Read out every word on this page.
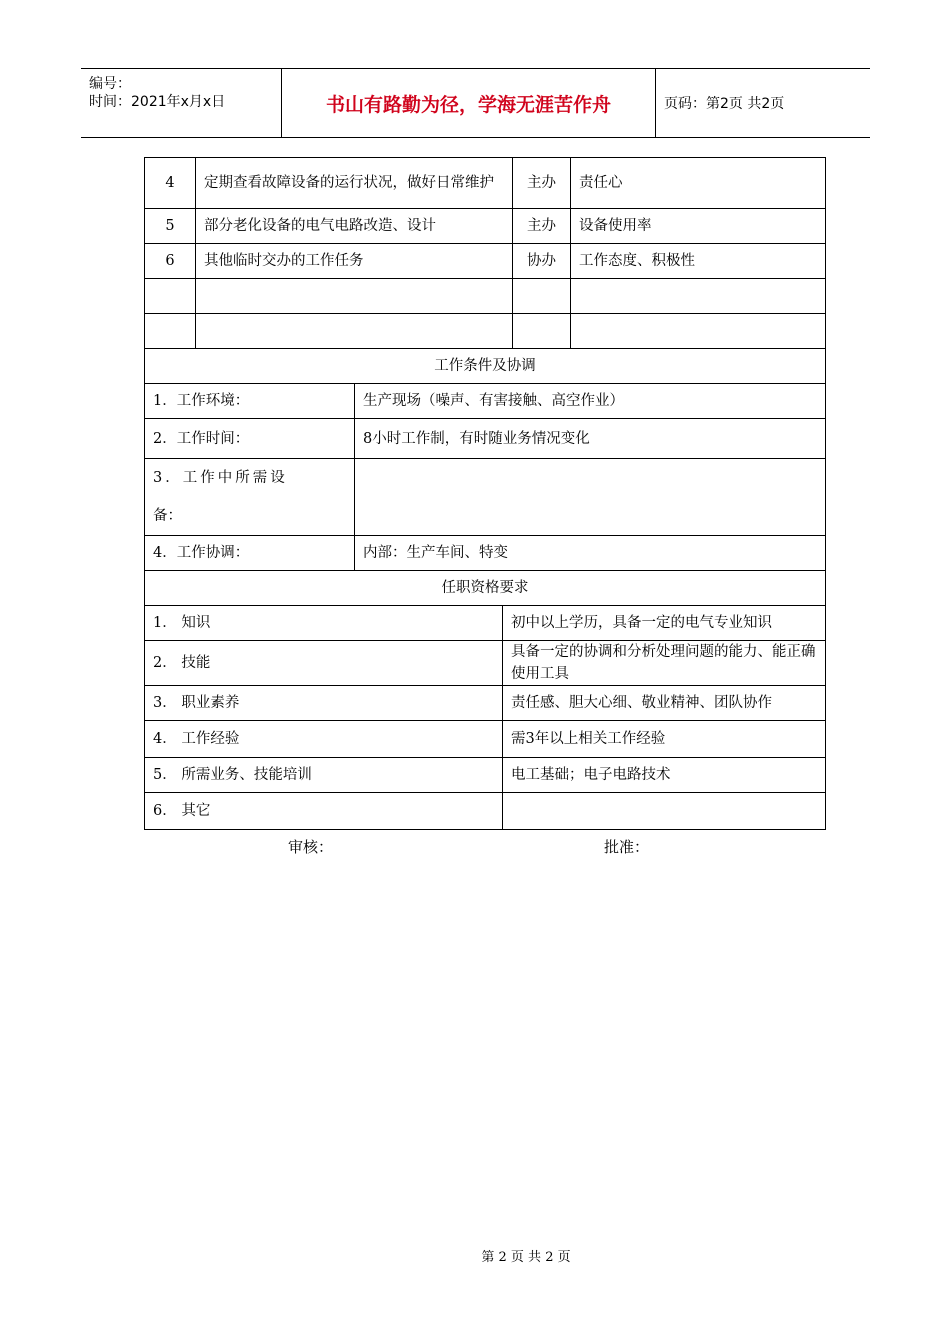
编号：
时间：2021年x月x日	书山有路勤为径，学海无涯苦作舟	页码：第2页 共2页
4	定期查看故障设备的运行状况，做好日常维护			主办	责任心
5	部分老化设备的电气电路改造、设计			主办	设备使用率
6	其他临时交办的工作任务			协办	工作态度、积极性

工作条件及协调					
1．工作环境：		生产现场（噪声、有害接触、高空作业）			
2．工作时间：		8小时工作制，有时随业务情况变化			

3．工作中所需设
备：					

4．工作协调：		内部：生产车间、特变			
任职资格要求					
1． 知识			初中以上学历，具备一定的电气专业知识		
2． 技能			具备一定的协调和分析处理问题的能力、能正确使用工具		
3． 职业素养			责任感、胆大心细、敬业精神、团队协作		
4． 工作经验			需3年以上相关工作经验		
5． 所需业务、技能培训			电工基础；电子电路技术		
6． 其它					
审核：	批准：
第 2 页 共 2 页
